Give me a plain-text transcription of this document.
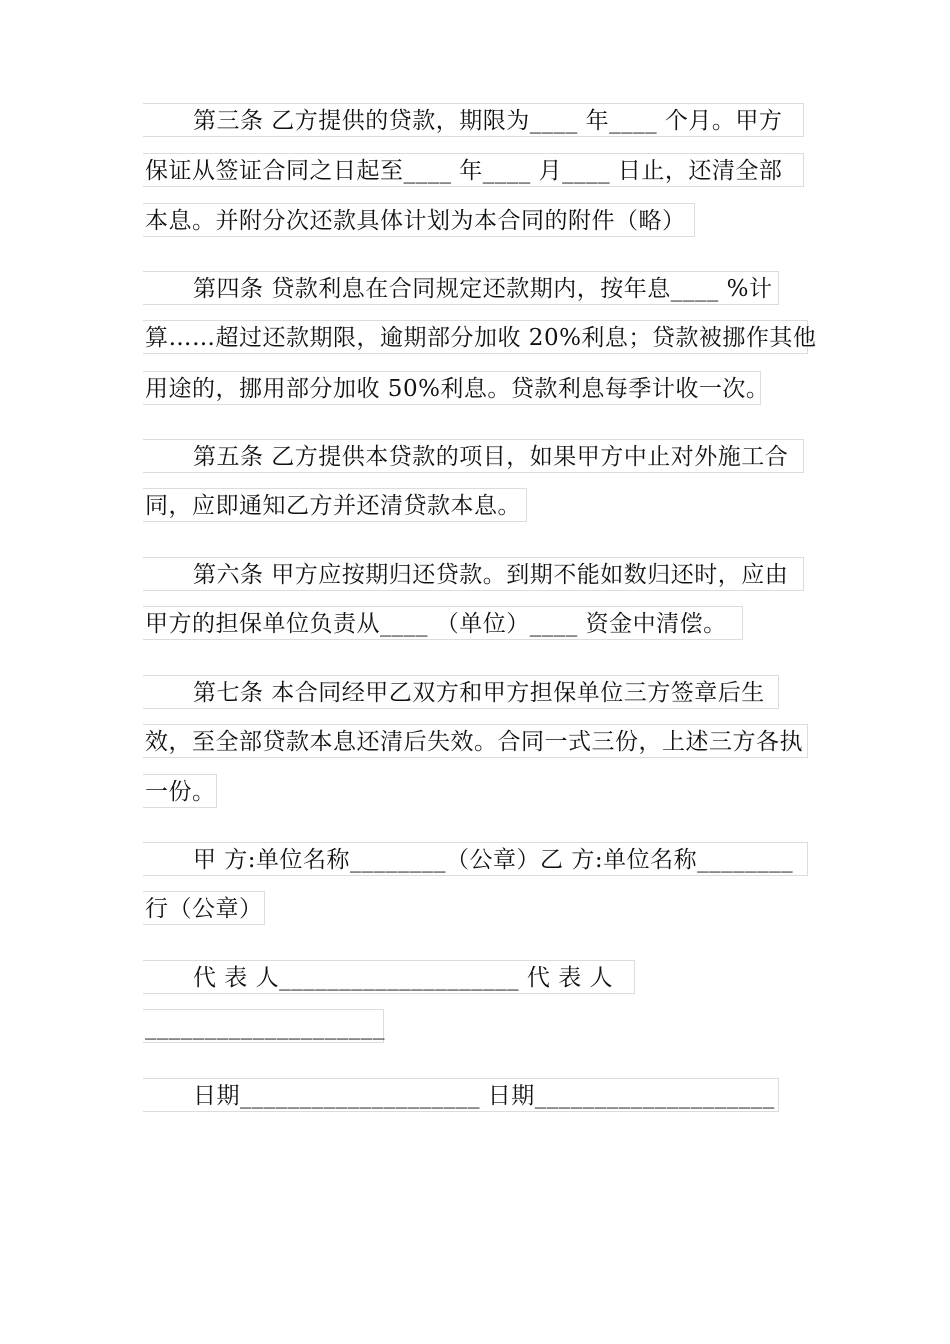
第三条 乙方提供的贷款，期限为____ 年____ 个月。甲方
保证从签证合同之日起至____ 年____ 月____ 日止，还清全部
本息。并附分次还款具体计划为本合同的附件（略）
第四条 贷款利息在合同规定还款期内，按年息____ %计
算……超过还款期限，逾期部分加收 20%利息；贷款被挪作其他
用途的，挪用部分加收 50%利息。贷款利息每季计收一次。
第五条 乙方提供本贷款的项目，如果甲方中止对外施工合
同，应即通知乙方并还清贷款本息。
第六条 甲方应按期归还贷款。到期不能如数归还时，应由
甲方的担保单位负责从____ （单位）____ 资金中清偿。
第七条 本合同经甲乙双方和甲方担保单位三方签章后生
效，至全部贷款本息还清后失效。合同一式三份，上述三方各执
一份。
甲 方:单位名称________（公章）乙 方:单位名称________
行（公章）
代 表 人____________________ 代 表 人
____________________
日期____________________ 日期____________________
